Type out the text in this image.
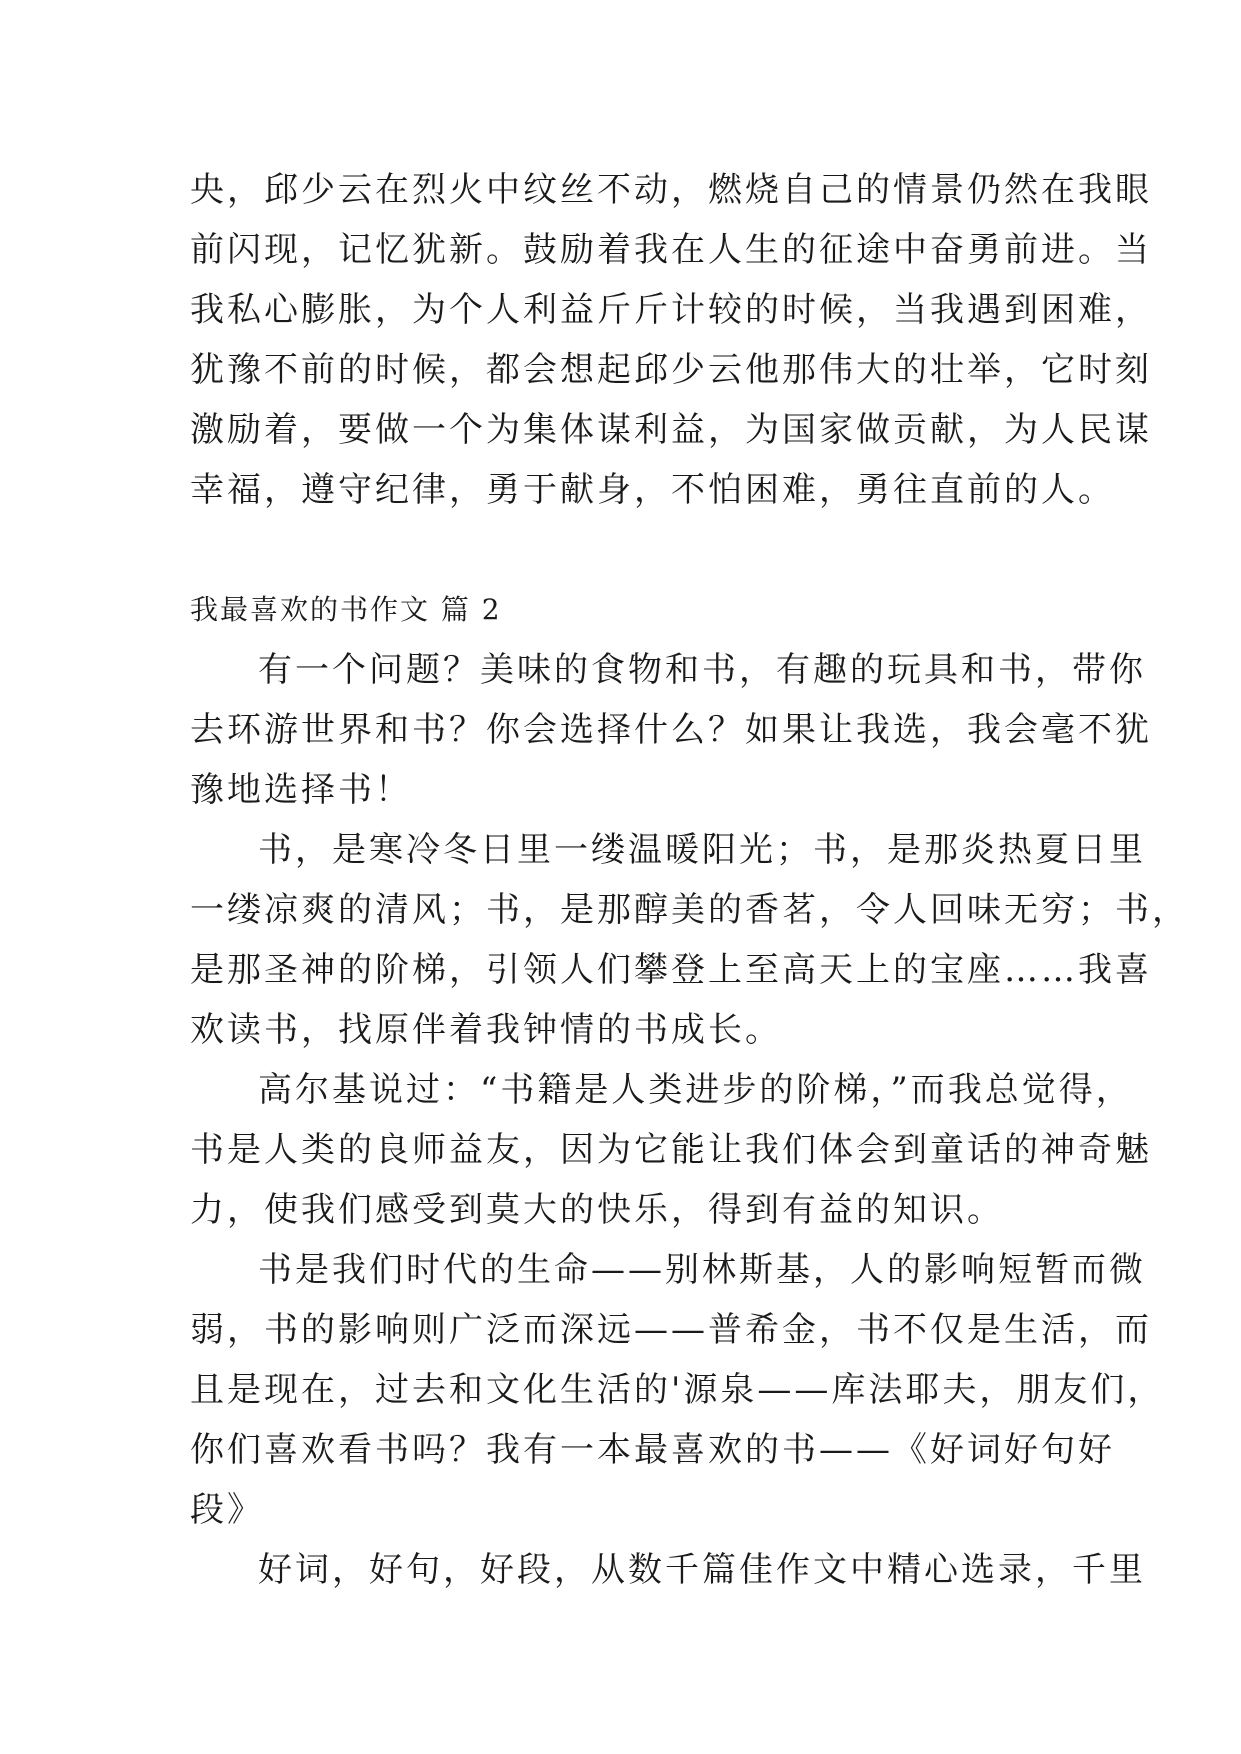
央，邱少云在烈火中纹丝不动，燃烧自己的情景仍然在我眼
前闪现，记忆犹新。鼓励着我在人生的征途中奋勇前进。当
我私心膨胀，为个人利益斤斤计较的时候，当我遇到困难，
犹豫不前的时候，都会想起邱少云他那伟大的壮举，它时刻
激励着，要做一个为集体谋利益，为国家做贡献，为人民谋
幸福，遵守纪律，勇于献身，不怕困难，勇往直前的人。
我最喜欢的书作文 篇 2
有一个问题？美味的食物和书，有趣的玩具和书，带你
去环游世界和书？你会选择什么？如果让我选，我会毫不犹
豫地选择书！
书，是寒冷冬日里一缕温暖阳光；书，是那炎热夏日里
一缕凉爽的清风；书，是那醇美的香茗，令人回味无穷；书，
是那圣神的阶梯，引领人们攀登上至高天上的宝座……我喜
欢读书，找原伴着我钟情的书成长。
高尔基说过：“书籍是人类进步的阶梯，”而我总觉得，
书是人类的良师益友，因为它能让我们体会到童话的神奇魅
力，使我们感受到莫大的快乐，得到有益的知识。
书是我们时代的生命——别林斯基，人的影响短暂而微
弱，书的影响则广泛而深远——普希金，书不仅是生活，而
且是现在，过去和文化生活的'源泉——库法耶夫，朋友们，
你们喜欢看书吗？我有一本最喜欢的书——《好词好句好
段》
好词，好句，好段，从数千篇佳作文中精心选录，千里
